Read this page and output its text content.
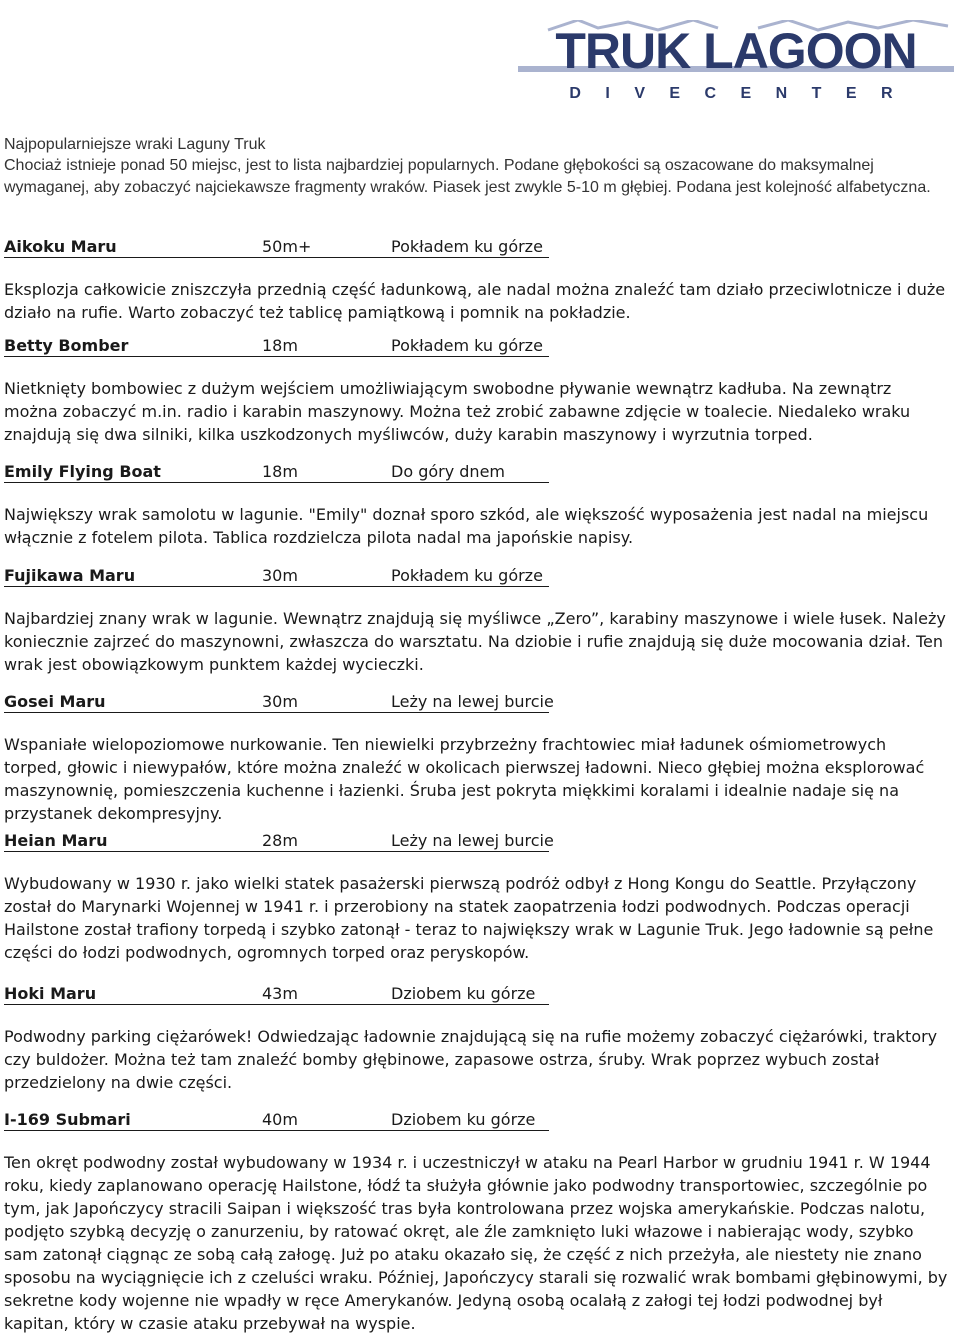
TRUK LAGOON
D I V E C E N T E R
Najpopularniejsze wraki Laguny Truk
Chociaż istnieje ponad 50 miejsc, jest to lista najbardziej popularnych. Podane głębokości są oszacowane do maksymalnej wymaganej, aby zobaczyć najciekawsze fragmenty wraków. Piasek jest zwykle 5-10 m głębiej. Podana jest kolejność alfabetyczna.
Aikoku Maru	50m+	Pokładem ku górze
Eksplozja całkowicie zniszczyła przednią część ładunkową, ale nadal można znaleźć tam działo przeciwlotnicze i duże działo na rufie. Warto zobaczyć też tablicę pamiątkową i pomnik na pokładzie.
Betty Bomber	18m	Pokładem ku górze
Nietknięty bombowiec z dużym wejściem umożliwiającym swobodne pływanie wewnątrz kadłuba. Na zewnątrz można zobaczyć m.in. radio i karabin maszynowy. Można też zrobić zabawne zdjęcie w toalecie. Niedaleko wraku znajdują się dwa silniki, kilka uszkodzonych myśliwców, duży karabin maszynowy i wyrzutnia torped.
Emily Flying Boat	18m	Do góry dnem
Największy wrak samolotu w lagunie. "Emily" doznał sporo szkód, ale większość wyposażenia jest nadal na miejscu włącznie z fotelem pilota. Tablica rozdzielcza pilota nadal ma japońskie napisy.
Fujikawa Maru	30m	Pokładem ku górze
Najbardziej znany wrak w lagunie. Wewnątrz znajdują się myśliwce „Zero”, karabiny maszynowe i wiele łusek. Należy koniecznie zajrzeć do maszynowni, zwłaszcza do warsztatu. Na dziobie i rufie znajdują się duże mocowania dział. Ten wrak jest obowiązkowym punktem każdej wycieczki.
Gosei Maru	30m	Leży na lewej burcie
Wspaniałe wielopoziomowe nurkowanie. Ten niewielki przybrzeżny frachtowiec miał ładunek ośmiometrowych torped, głowic i niewypałów, które można znaleźć w okolicach pierwszej ładowni. Nieco głębiej można eksplorować maszynownię, pomieszczenia kuchenne i łazienki. Śruba jest pokryta miękkimi koralami i idealnie nadaje się na przystanek dekompresyjny.
Heian Maru	28m	Leży na lewej burcie
Wybudowany w 1930 r. jako wielki statek pasażerski pierwszą podróż odbył z Hong Kongu do Seattle. Przyłączony został do Marynarki Wojennej w 1941 r. i przerobiony na statek zaopatrzenia łodzi podwodnych. Podczas operacji Hailstone został trafiony torpedą i szybko zatonął - teraz to największy wrak w Lagunie Truk. Jego ładownie są pełne części do łodzi podwodnych, ogromnych torped oraz peryskopów.
Hoki Maru	43m	Dziobem ku górze
Podwodny parking ciężarówek! Odwiedzając ładownie znajdującą się na rufie możemy zobaczyć ciężarówki, traktory czy buldożer. Można też tam znaleźć bomby głębinowe, zapasowe ostrza, śruby. Wrak poprzez wybuch został przedzielony na dwie części.
I-169 Submari	40m	Dziobem ku górze
Ten okręt podwodny został wybudowany w 1934 r. i uczestniczył w ataku na Pearl Harbor w grudniu 1941 r. W 1944 roku, kiedy zaplanowano operację Hailstone, łódź ta służyła głównie jako podwodny transportowiec, szczególnie po tym, jak Japończycy stracili Saipan i większość tras była kontrolowana przez wojska amerykańskie. Podczas nalotu, podjęto szybką decyzję o zanurzeniu, by ratować okręt, ale źle zamknięto luki włazowe i nabierając wody, szybko sam zatonął ciągnąc ze sobą całą załogę. Już po ataku okazało się, że część z nich przeżyła, ale niestety nie znano sposobu na wyciągnięcie ich z czeluści wraku. Później, Japończycy starali się rozwalić wrak bombami głębinowymi, by sekretne kody wojenne nie wpadły w ręce Amerykanów. Jedyną osobą ocalałą z załogi tej łodzi podwodnej był kapitan, który w czasie ataku przebywał na wyspie.
